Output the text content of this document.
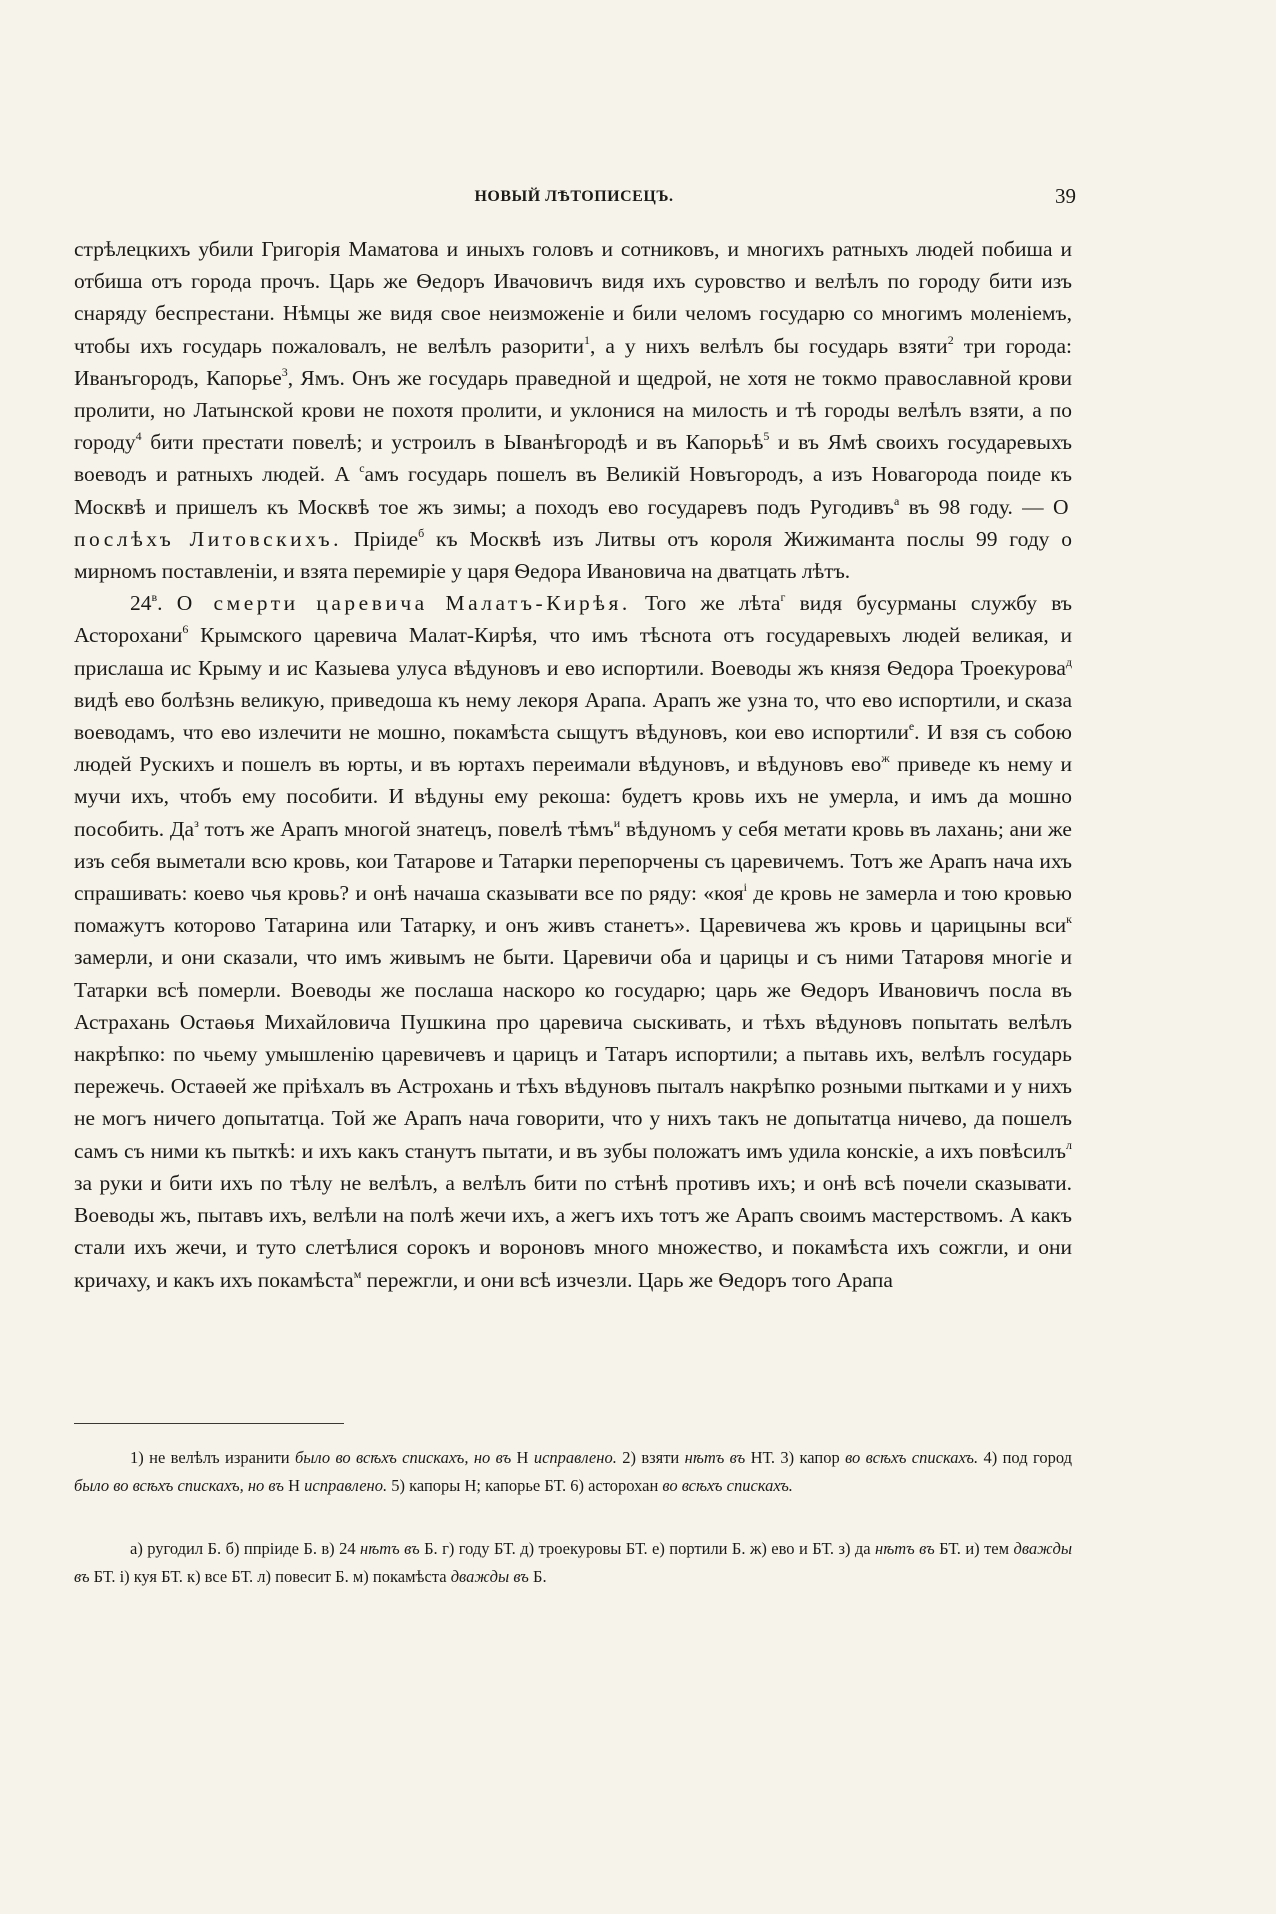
НОВЫЙ ЛѢТОПИСЕЦЪ.	39

стрѣлецкихъ убили Григорія Маматова и иныхъ головъ и сотниковъ, и многихъ ратныхъ людей побиша и отбиша отъ города прочъ. Царь же Ѳедоръ Ивачовичъ видя ихъ суровство и велѣлъ по городу бити изъ снаряду беспрестани. Нѣмцы же видя свое неизможеніе и били челомъ государю со многимъ моленіемъ, чтобы ихъ государь пожаловалъ, не велѣлъ разорити$^1$, а у нихъ велѣлъ бы государь взяти$^2$ три города: Иванъгородъ, Капорье$^3$, Ямъ. Онъ же государь праведной и щедрой, не хотя не токмо православной крови пролити, но Латынской крови не похотя пролити, и уклонися на милость и тѣ городы велѣлъ взяти, а по городу$^4$ бити престати повелѣ; и устроилъ в Ыванѣгородѣ и въ Капорьѣ$^5$ и въ Ямѣ своихъ государевыхъ воеводъ и ратныхъ людей. А $^с$амъ государь пошелъ въ Великій Новъгородъ, а изъ Новагорода поиде къ Москвѣ и пришелъ къ Москвѣ тое жъ зимы; а походъ ево государевъ подъ Ругодивъ$^а$ въ 98 году. — О послѣхъ Литовскихъ. Пріиде$^б$ къ Москвѣ изъ Литвы отъ короля Жижиманта послы 99 году о мирномъ поставленіи, и взята перемиріе у царя Ѳедора Ивановича на дватцать лѣтъ.

$24^в$. О смерти царевича Малатъ-Кирѣя. Того же лѣта$^г$ видя бусурманы службу въ Асторохани$^6$ Крымского царевича Малат-Кирѣя, что имъ тѣснота отъ государевыхъ людей великая, и прислаша ис Крыму и ис Казыева улуса вѣдуновъ и ево испортили. Воеводы жъ князя Ѳедора Троекурова$^д$ видѣ ево болѣзнь великую, приведоша къ нему лекоря Арапа. Арапъ же узна то, что ево испортили, и сказа воеводамъ, что ево излечити не мошно, покамѣста сыщутъ вѣдуновъ, кои ево испортили$^е$. И взя съ собою людей Рускихъ и пошелъ въ юрты, и въ юртахъ переимали вѣдуновъ, и вѣдуновъ ево$^ж$ приведе къ нему и мучи ихъ, чтобъ ему пособити. И вѣдуны ему рекоша: будетъ кровь ихъ не умерла, и имъ да мошно пособить. $Да^з$ тотъ же Арапъ многой знатецъ, повелѣ тѣмъ$^и$ вѣдуномъ у себя метати кровь въ лахань; ани же изъ себя выметали всю кровь, кои Татарове и Татарки перепорчены съ царевичемъ. Тотъ же Арапъ нача ихъ спрашивать: коево чья кровь? и онѣ начаша сказывати все по ряду: «коя$^і$ де кровь не замерла и тою кровью помажутъ которово Татарина или Татарку, и онъ живъ станетъ». Царевичева жъ кровь и царицыны вси$^к$ замерли, и они сказали, что имъ живымъ не быти. Царевичи оба и царицы и съ ними Татаровя многіе и Татарки всѣ померли. Воеводы же послаша наскоро ко государю; царь же Ѳедоръ Ивановичъ посла въ Астрахань Остаѳья Михайловича Пушкина про царевича сыскивать, и тѣхъ вѣдуновъ попытать велѣлъ накрѣпко: по чьему умышленію царевичевъ и царицъ и Татаръ испортили; а пытавь ихъ, велѣлъ государь пережечь. Остаѳей же пріѣхалъ въ Астрохань и тѣхъ вѣдуновъ пыталъ накрѣпко розными пытками и у нихъ не могъ ничего допытатца. Той же Арапъ нача говорити, что у нихъ такъ не допытатца ничево, да пошелъ самъ съ ними къ пыткѣ: и ихъ какъ станутъ пытати, и въ зубы положатъ имъ удила конскіе, а ихъ повѣсилъ$^л$ за руки и бити ихъ по тѣлу не велѣлъ, а велѣлъ бити по стѣнѣ противъ ихъ; и онѣ всѣ почели сказывати. Воеводы жъ, пытавъ ихъ, велѣли на полѣ жечи ихъ, а жегъ ихъ тотъ же Арапъ своимъ мастерствомъ. А какъ стали ихъ жечи, и туто слетѣлися сорокъ и вороновъ много множество, и покамѣста ихъ сожгли, и они кричаху, и какъ ихъ покамѣста$^м$ пережгли, и они всѣ изчезли. Царь же Ѳедоръ того Арапа

1) не велѣлъ изранити было во всѣхъ спискахъ, но въ Н исправлено. 2) взяти нѣтъ въ НТ. 3) капор во всѣхъ спискахъ. 4) под город было во всѣхъ спискахъ, но въ Н исправлено. 5) капоры Н; капорье БТ. 6) асторохан во всѣхъ спискахъ.

а) ругодил Б. б) ппріиде Б. в) 24 нѣтъ въ Б. г) году БТ. д) троекуровы БТ. е) портили Б. ж) ево и БТ. з) да нѣтъ въ БТ. и) тем дважды въ БТ. і) куя БТ. к) все БТ. л) повесит Б. м) покамѣста дважды въ Б.
